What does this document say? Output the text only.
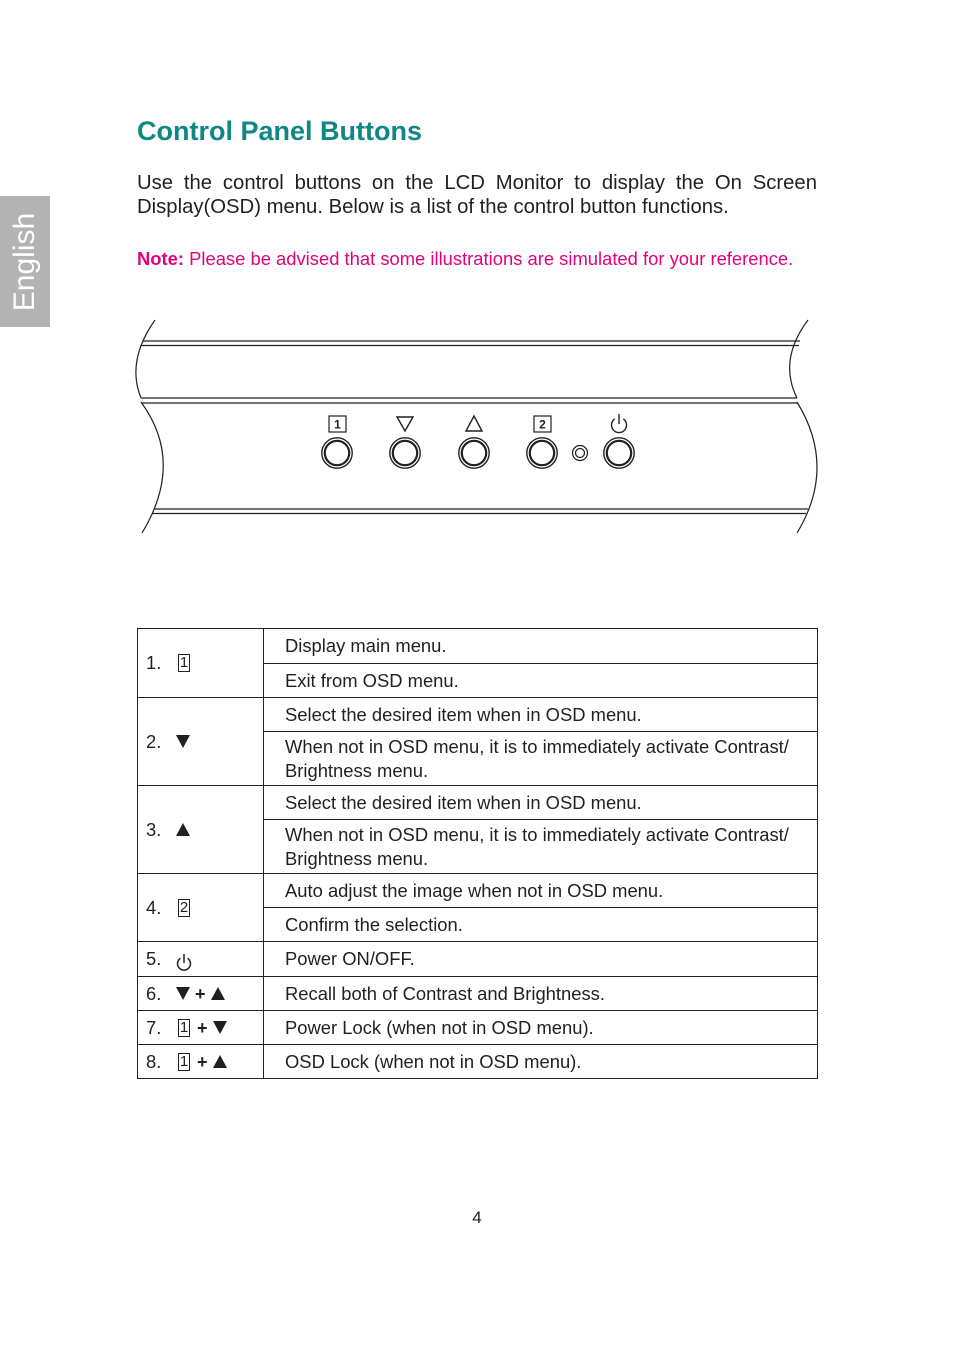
English
Control Panel Buttons

Use the control buttons on the LCD Monitor to display the On Screen Display(OSD) menu. Below is a list of the control button functions.

Note: Please be advised that some illustrations are simulated for your reference.

1	2
1. 1	Display main menu.
	Exit from OSD menu.

2.	Select the desired item when in OSD menu.
	When not in OSD menu, it is to immediately activate Contrast/ Brightness menu.

3.	Select the desired item when in OSD menu.
	When not in OSD menu, it is to immediately activate Contrast/ Brightness menu.

4. 2	Auto adjust the image when not in OSD menu.
	Confirm the selection.

5.	Power ON/OFF.

6. +	Recall both of Contrast and Brightness.

7. 1 +	Power Lock (when not in OSD menu).

8. 1 +	OSD Lock (when not in OSD menu).
4
